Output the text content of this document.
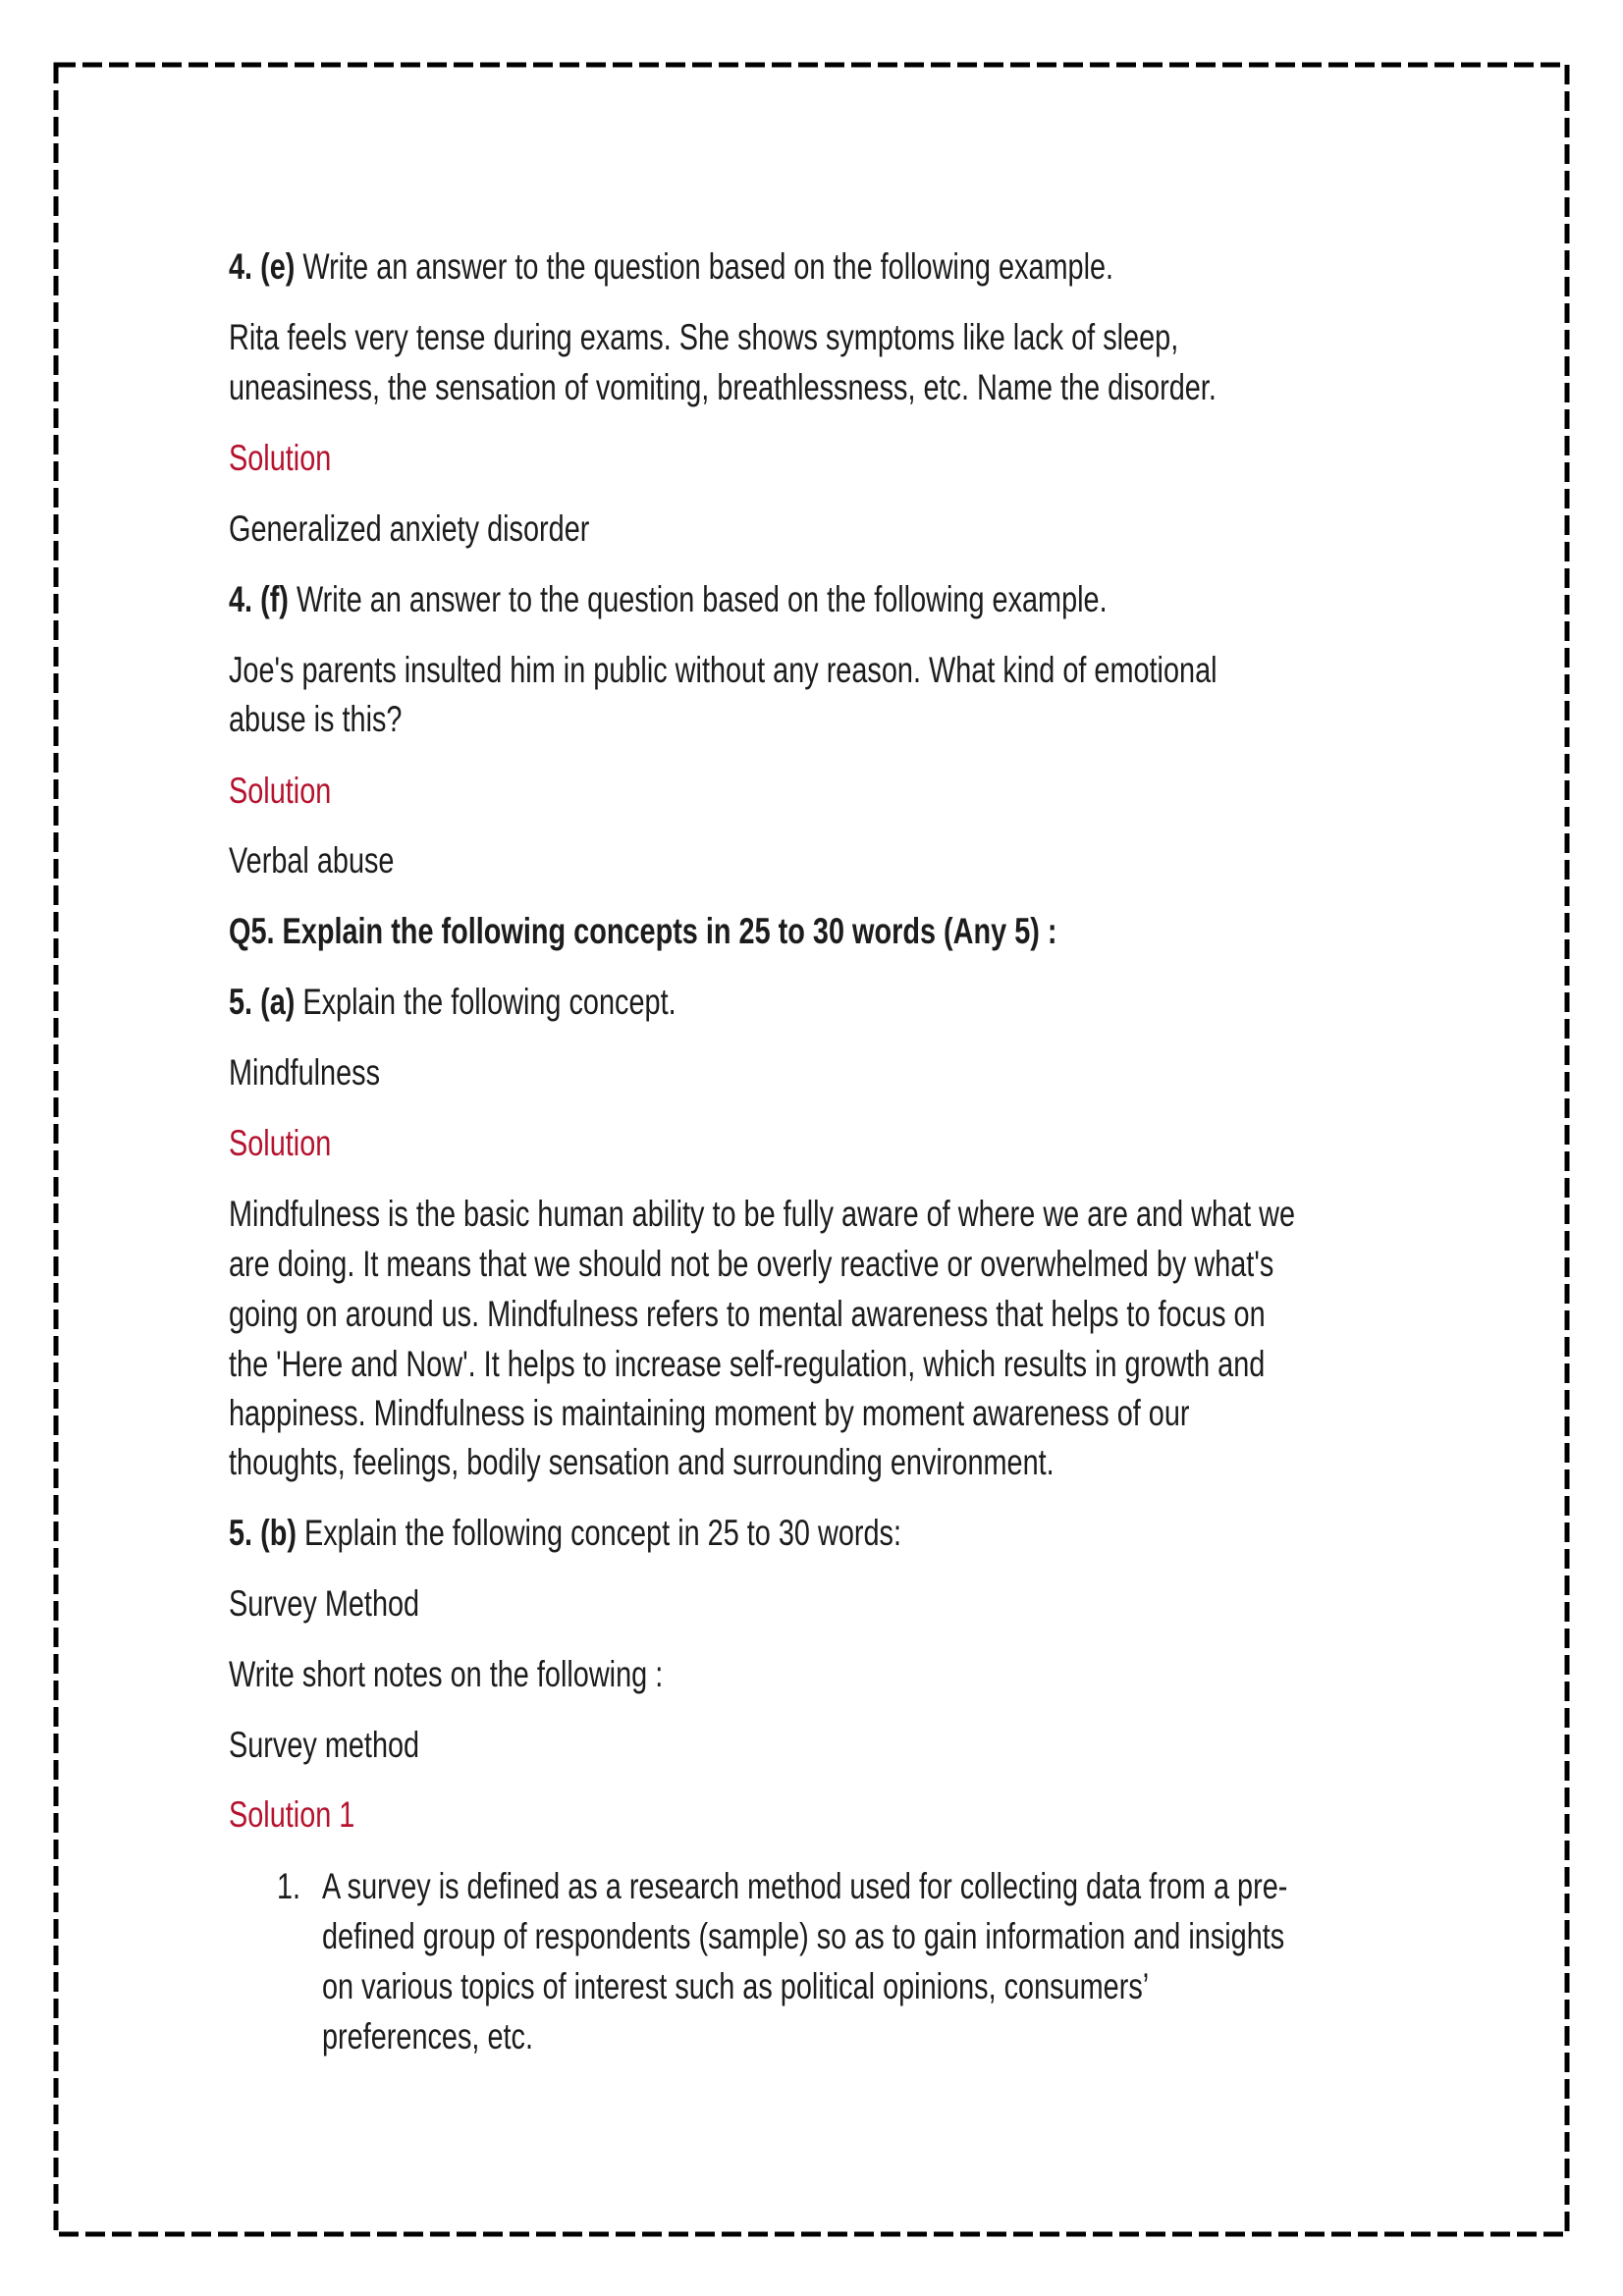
4. (e) Write an answer to the question based on the following example.
Rita feels very tense during exams. She shows symptoms like lack of sleep,
uneasiness, the sensation of vomiting, breathlessness, etc. Name the disorder.
Solution
Generalized anxiety disorder
4. (f) Write an answer to the question based on the following example.
Joe's parents insulted him in public without any reason. What kind of emotional
abuse is this?
Solution
Verbal abuse
Q5. Explain the following concepts in 25 to 30 words (Any 5) :
5. (a) Explain the following concept.
Mindfulness
Solution
Mindfulness is the basic human ability to be fully aware of where we are and what we
are doing. It means that we should not be overly reactive or overwhelmed by what's
going on around us. Mindfulness refers to mental awareness that helps to focus on
the 'Here and Now'. It helps to increase self-regulation, which results in growth and
happiness. Mindfulness is maintaining moment by moment awareness of our
thoughts, feelings, bodily sensation and surrounding environment.
5. (b) Explain the following concept in 25 to 30 words:
Survey Method
Write short notes on the following :
Survey method
Solution 1
1. A survey is defined as a research method used for collecting data from a pre-
defined group of respondents (sample) so as to gain information and insights
on various topics of interest such as political opinions, consumers’
preferences, etc.
